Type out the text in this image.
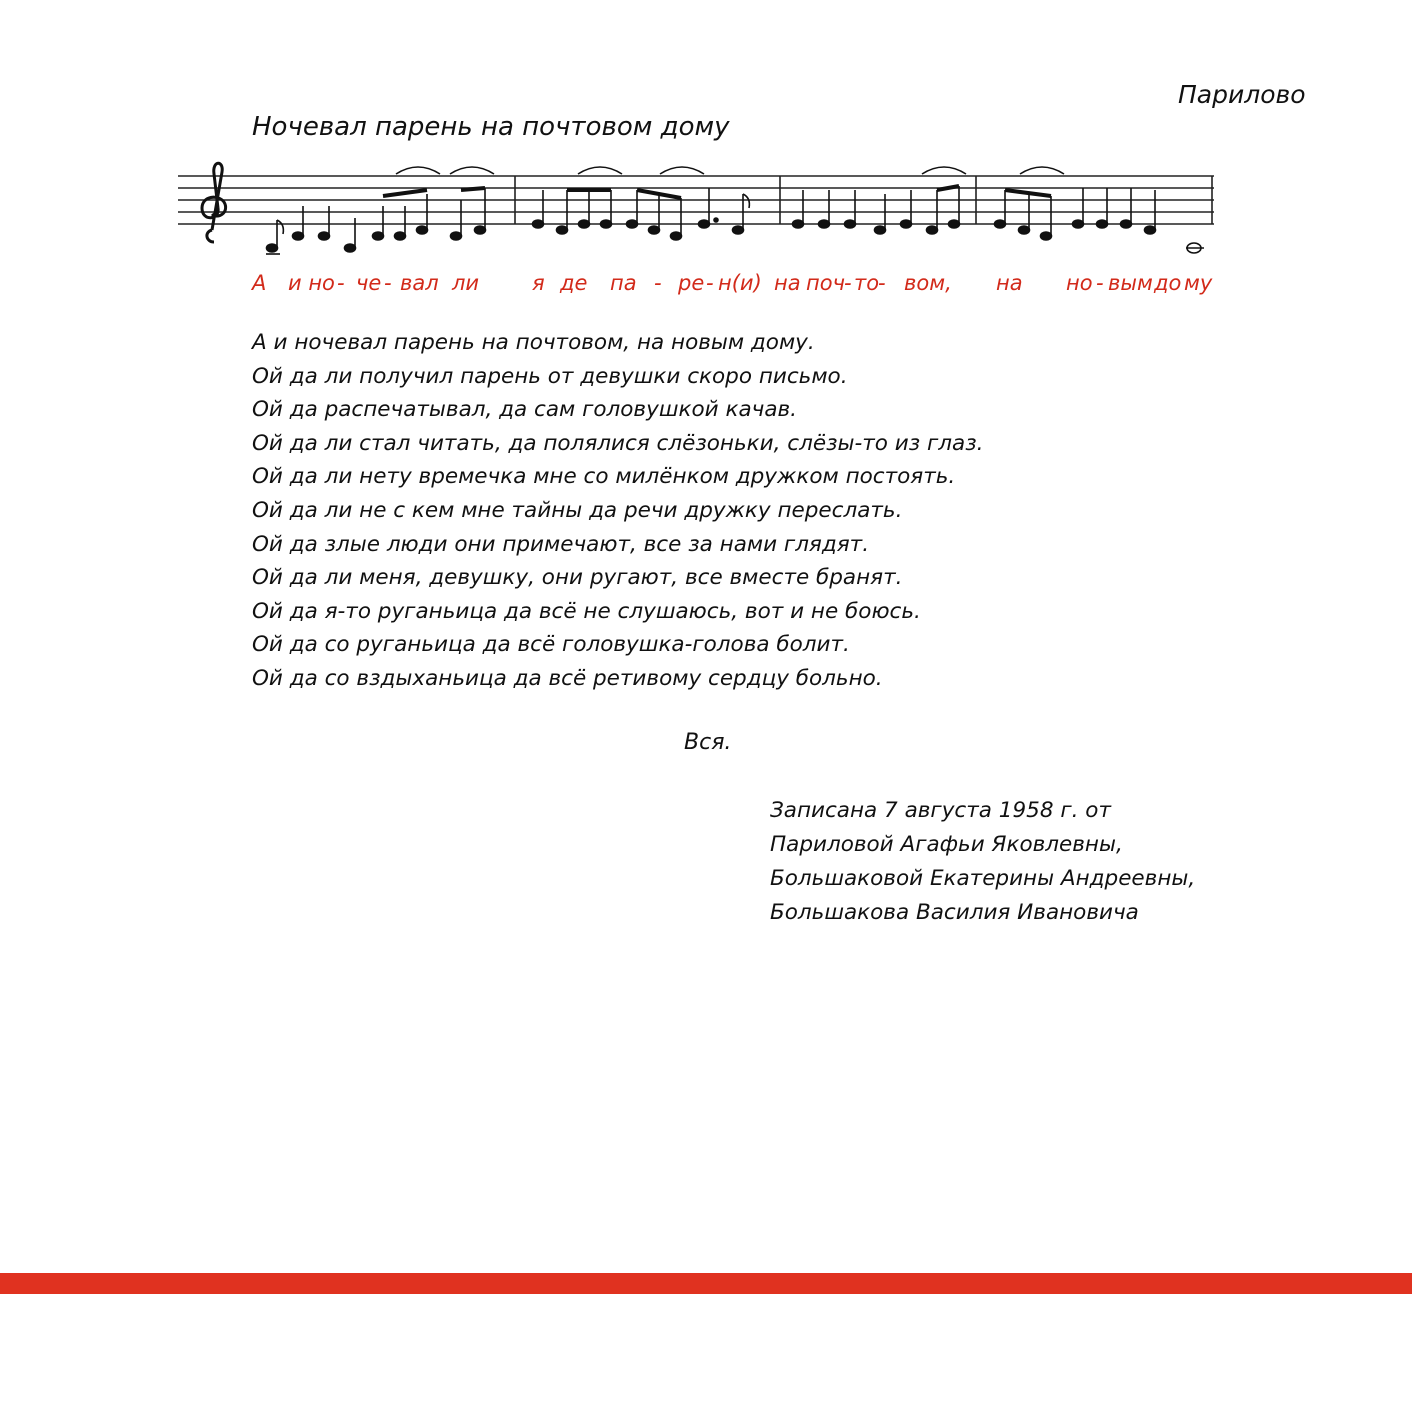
Парилово
Ночевал парень на почтовом дому
А и но - че - вал ли	я де па - ре - н(и) на поч - то
- вом, на но - вым до му
А и ночевал парень на почтовом, на новым дому.
Ой да ли получил парень от девушки скоро письмо.
Ой да распечатывал, да сам головушкой качав.
Ой да ли стал читать, да полялися слёзоньки, слёзы-то из глаз.
Ой да ли нету времечка мне со милёнком дружком постоять.
Ой да ли не с кем мне тайны да речи дружку переслать.
Ой да злые люди они примечают, все за нами глядят.
Ой да ли меня, девушку, они ругают, все вместе бранят.
Ой да я-то руганьица да всё не слушаюсь, вот и не боюсь.
Ой да со руганьица да всё головушка-голова болит.
Ой да со вздыханьица да всё ретивому сердцу больно.
Вся.
Записана 7 августа 1958 г. от
Париловой Агафьи Яковлевны,
Большаковой Екатерины Андреевны,
Большакова Василия Ивановича
